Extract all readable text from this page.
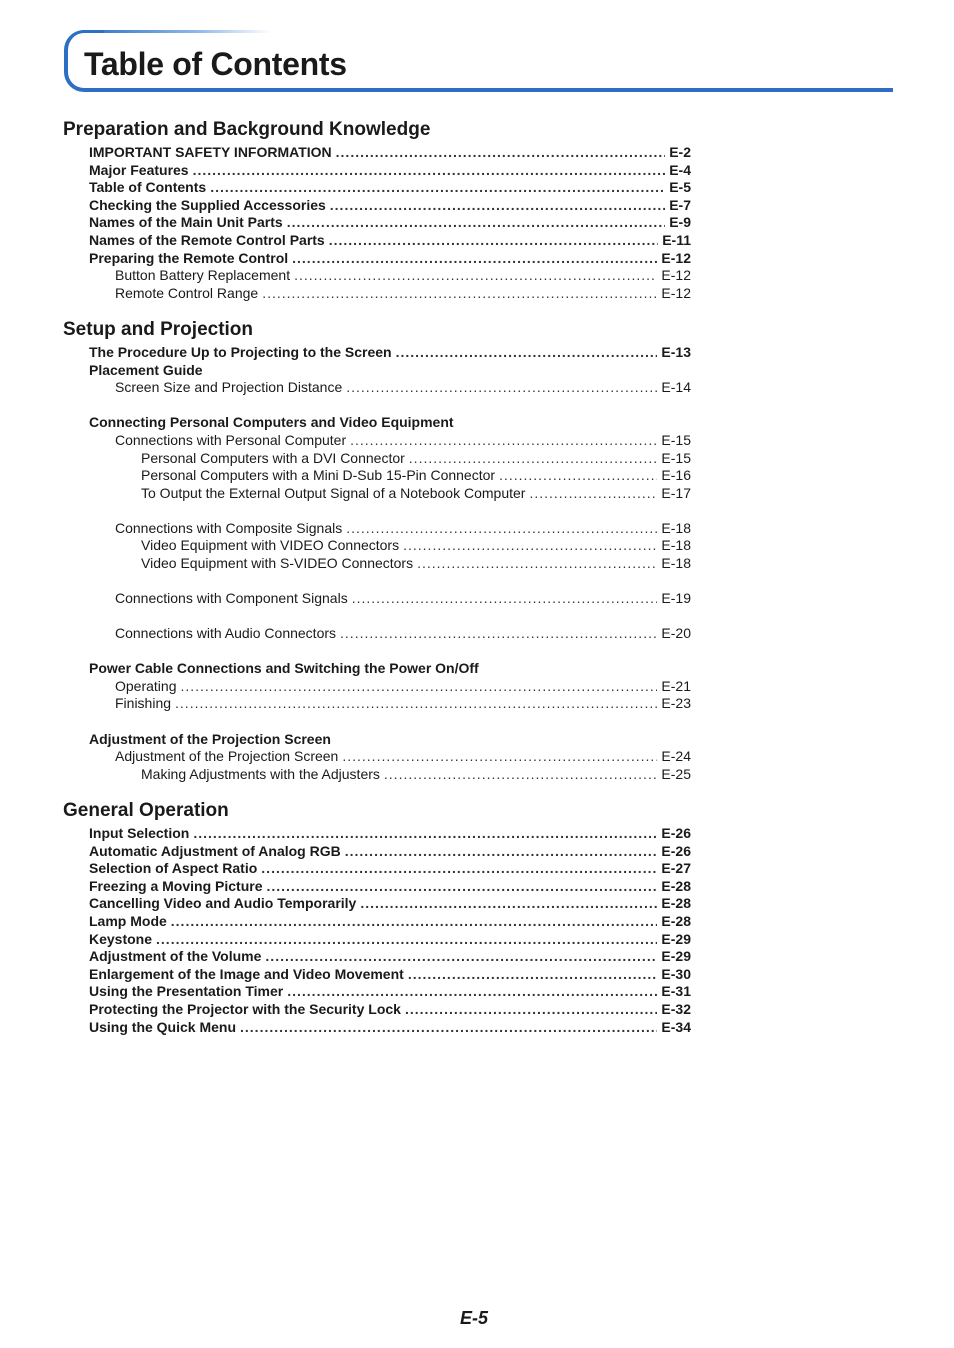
Table of Contents
Preparation and Background Knowledge
IMPORTANT SAFETY INFORMATION .....	E-2
Major Features .....	E-4
Table of Contents .....	E-5
Checking the Supplied Accessories .....	E-7
Names of the Main Unit Parts .....	E-9
Names of the Remote Control Parts .....	E-11
Preparing the Remote Control .....	E-12
Button Battery Replacement .....	E-12
Remote Control Range .....	E-12
Setup and Projection
The Procedure Up to Projecting to the Screen .....	E-13
Placement Guide
Screen Size and Projection Distance .....	E-14
Connecting Personal Computers and Video Equipment
Connections with Personal Computer .....	E-15
Personal Computers with a DVI Connector .....	E-15
Personal Computers with a Mini D-Sub 15-Pin Connector .....	E-16
To Output the External Output Signal of a Notebook Computer .....	E-17
Connections with Composite Signals .....	E-18
Video Equipment with VIDEO Connectors .....	E-18
Video Equipment with S-VIDEO Connectors .....	E-18
Connections with Component Signals .....	E-19
Connections with Audio Connectors .....	E-20
Power Cable Connections and Switching the Power On/Off
Operating .....	E-21
Finishing .....	E-23
Adjustment of the Projection Screen
Adjustment of the Projection Screen .....	E-24
Making Adjustments with the Adjusters .....	E-25
General Operation
Input Selection .....	E-26
Automatic Adjustment of Analog RGB .....	E-26
Selection of Aspect Ratio .....	E-27
Freezing a Moving Picture .....	E-28
Cancelling Video and Audio Temporarily .....	E-28
Lamp Mode .....	E-28
Keystone .....	E-29
Adjustment of the Volume .....	E-29
Enlargement of the Image and Video Movement .....	E-30
Using the Presentation Timer .....	E-31
Protecting the Projector with the Security Lock .....	E-32
Using the Quick Menu .....	E-34
E-5
